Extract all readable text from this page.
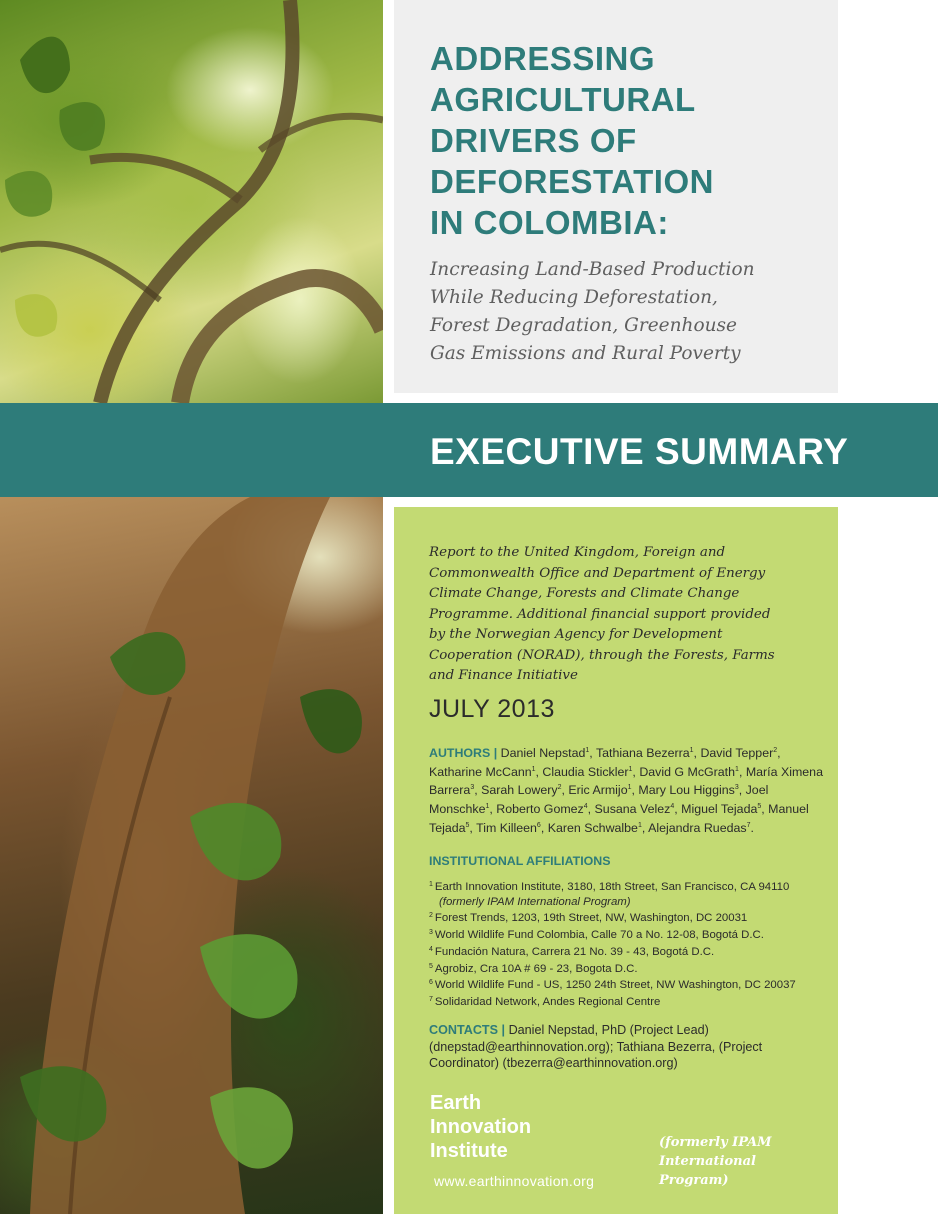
ADDRESSING
AGRICULTURAL
DRIVERS OF
DEFORESTATION
IN COLOMBIA:
Increasing Land-Based Production
While Reducing Deforestation,
Forest Degradation, Greenhouse
Gas Emissions and Rural Poverty
EXECUTIVE SUMMARY
Report to the United Kingdom, Foreign and
Commonwealth Office and Department of Energy
Climate Change, Forests and Climate Change
Programme. Additional financial support provided
by the Norwegian Agency for Development
Cooperation (NORAD), through the Forests, Farms
and Finance Initiative
JULY 2013
AUTHORS | Daniel Nepstad$^1$, Tathiana Bezerra$^1$, David Tepper$^2$, Katharine McCann$^1$, Claudia Stickler$^1$, David G McGrath$^1$, María Ximena Barrera$^3$, Sarah Lowery$^2$, Eric Armijo$^1$, Mary Lou Higgins$^3$, Joel Monschke$^1$, Roberto Gomez$^4$, Susana Velez$^4$, Miguel Tejada$^5$, Manuel Tejada$^5$, Tim Killeen$^6$, Karen Schwalbe$^1$, Alejandra Ruedas$^7$.
INSTITUTIONAL AFFILIATIONS
$^1$ Earth Innovation Institute, 3180, 18th Street, San Francisco, CA 94110 (formerly IPAM International Program)
$^2$ Forest Trends, 1203, 19th Street, NW, Washington, DC 20031
$^3$ World Wildlife Fund Colombia, Calle 70 a No. 12-08, Bogotá D.C.
$^4$ Fundación Natura, Carrera 21 No. 39 - 43, Bogotá D.C.
$^5$ Agrobiz, Cra 10A # 69 - 23, Bogota D.C.
$^6$ World Wildlife Fund - US, 1250 24th Street, NW Washington, DC 20037
$^7$ Solidaridad Network, Andes Regional Centre
CONTACTS | Daniel Nepstad, PhD (Project Lead) (dnepstad@earthinnovation.org); Tathiana Bezerra, (Project Coordinator) (tbezerra@earthinnovation.org)
Earth
Innovation
Institute
www.earthinnovation.org
(formerly IPAM
International
Program)
